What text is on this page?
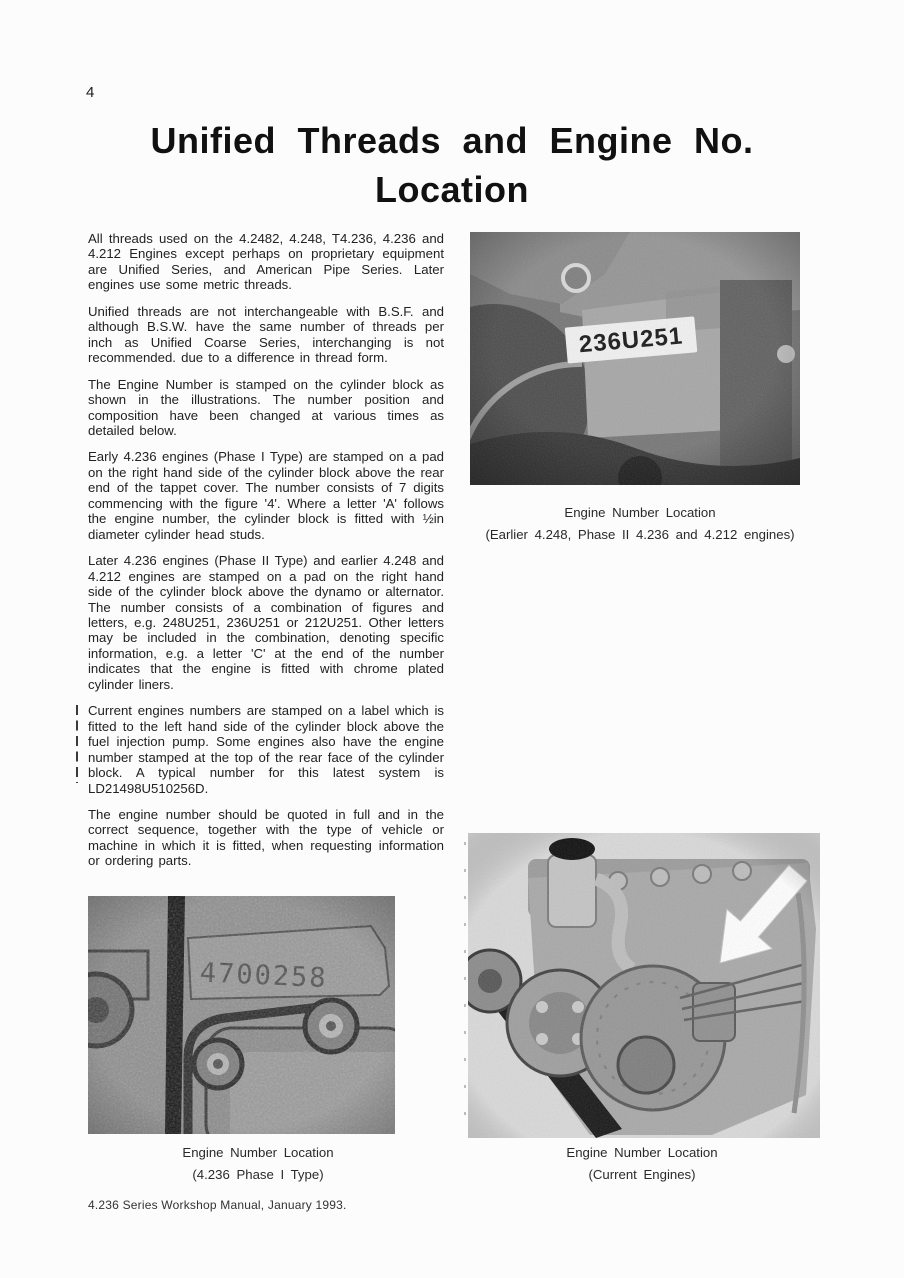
4
Unified Threads and Engine No.
Location

All threads used on the 4.2482, 4.248, T4.236, 4.236 and 4.212 Engines except perhaps on proprietary equipment are Unified Series, and American Pipe Series. Later engines use some metric threads.

Unified threads are not interchangeable with B.S.F. and although B.S.W. have the same number of threads per inch as Unified Coarse Series, interchanging is not recommended. due to a difference in thread form.

The Engine Number is stamped on the cylinder block as shown in the illustrations. The number position and composition have been changed at various times as detailed below.

Early 4.236 engines (Phase I Type) are stamped on a pad on the right hand side of the cylinder block above the rear end of the tappet cover. The number consists of 7 digits commencing with the figure '4'. Where a letter 'A' follows the engine number, the cylinder block is fitted with ½in diameter cylinder head studs.

Later 4.236 engines (Phase II Type) and earlier 4.248 and 4.212 engines are stamped on a pad on the right hand side of the cylinder block above the dynamo or alternator. The number consists of a combination of figures and letters, e.g. 248U251, 236U251 or 212U251. Other letters may be included in the combination, denoting specific information, e.g. a letter 'C' at the end of the number indicates that the engine is fitted with chrome plated cylinder liners.

Current engines numbers are stamped on a label which is fitted to the left hand side of the cylinder block above the fuel injection pump. Some engines also have the engine number stamped at the top of the rear face of the cylinder block. A typical number for this latest system is LD21498U510256D.

The engine number should be quoted in full and in the correct sequence, together with the type of vehicle or machine in which it is fitted, when requesting information or ordering parts.

Engine Number Location
(Earlier 4.248, Phase II 4.236 and 4.212 engines)
Engine Number Location
(4.236 Phase I Type)
Engine Number Location
(Current Engines)
4.236 Series Workshop Manual, January 1993.
